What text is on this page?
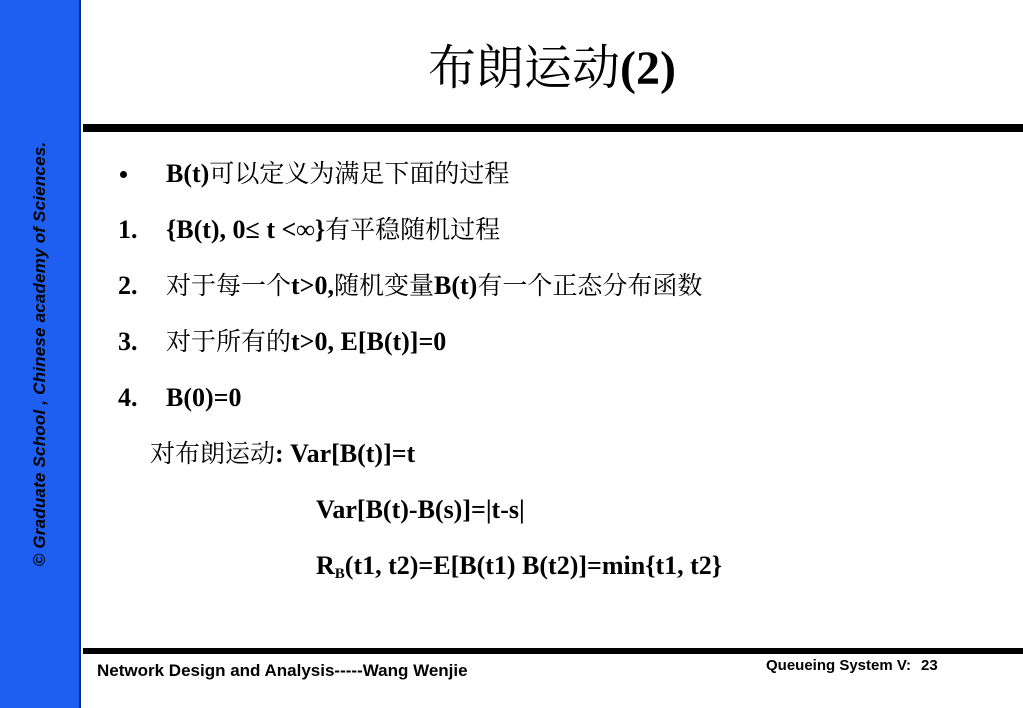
© Graduate School , Chinese academy of Sciences.
布朗运动(2)
B(t)可以定义为满足下面的过程
1. {B(t), 0≤ t <∞}有平稳随机过程
2. 对于每一个t>0,随机变量B(t)有一个正态分布函数
3. 对于所有的t>0, E[B(t)]=0
4. B(0)=0
对布朗运动: Var[B(t)]=t
Var[B(t)-B(s)]=|t-s|
$R_B(t1$, t2)=E[B(t1) B(t2)]=min{t1, t2}
Network Design and Analysis-----Wang Wenjie	Queueing System V: 23
